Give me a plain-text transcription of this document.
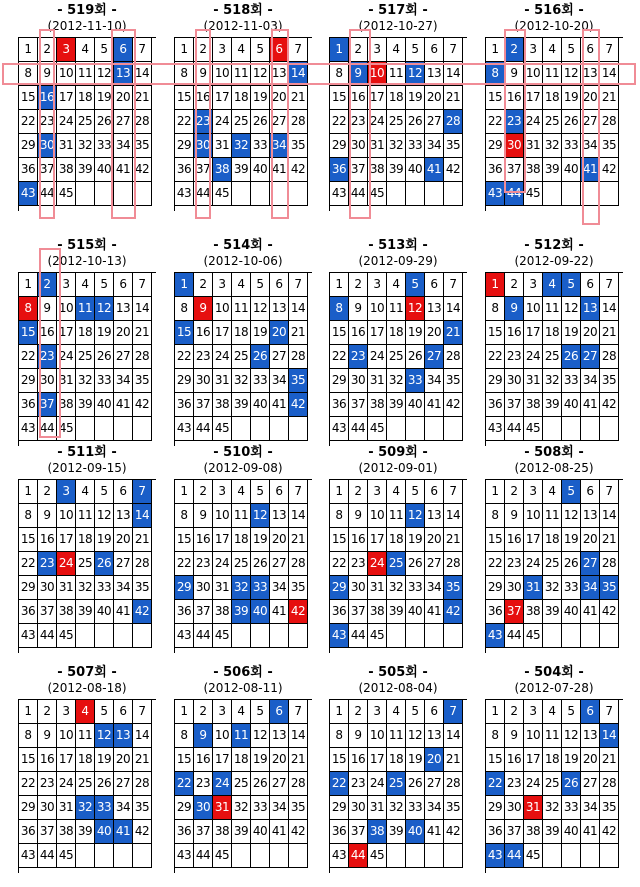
- 519회 -
(2012-11-10)
1 2 3 4 5 6 7
8 9 10 11 12 13 14
15 16 17 18 19 20 21
22 23 24 25 26 27 28
29 30 31 32 33 34 35
36 37 38 39 40 41 42
43 44 45
- 518회 -
(2012-11-03)
1 2 3 4 5 6 7
8 9 10 11 12 13 14
15 16 17 18 19 20 21
22 23 24 25 26 27 28
29 30 31 32 33 34 35
36 37 38 39 40 41 42
43 44 45
- 517회 -
(2012-10-27)
1 2 3 4 5 6 7
8 9 10 11 12 13 14
15 16 17 18 19 20 21
22 23 24 25 26 27 28
29 30 31 32 33 34 35
36 37 38 39 40 41 42
43 44 45
- 516회 -
(2012-10-20)
1 2 3 4 5 6 7
8 9 10 11 12 13 14
15 16 17 18 19 20 21
22 23 24 25 26 27 28
29 30 31 32 33 34 35
36 37 38 39 40 41 42
43 44 45
- 515회 -
(2012-10-13)
1 2 3 4 5 6 7
8 9 10 11 12 13 14
15 16 17 18 19 20 21
22 23 24 25 26 27 28
29 30 31 32 33 34 35
36 37 38 39 40 41 42
43 44 45
- 514회 -
(2012-10-06)
1 2 3 4 5 6 7
8 9 10 11 12 13 14
15 16 17 18 19 20 21
22 23 24 25 26 27 28
29 30 31 32 33 34 35
36 37 38 39 40 41 42
43 44 45
- 513회 -
(2012-09-29)
1 2 3 4 5 6 7
8 9 10 11 12 13 14
15 16 17 18 19 20 21
22 23 24 25 26 27 28
29 30 31 32 33 34 35
36 37 38 39 40 41 42
43 44 45
- 512회 -
(2012-09-22)
1 2 3 4 5 6 7
8 9 10 11 12 13 14
15 16 17 18 19 20 21
22 23 24 25 26 27 28
29 30 31 32 33 34 35
36 37 38 39 40 41 42
43 44 45
- 511회 -
(2012-09-15)
1 2 3 4 5 6 7
8 9 10 11 12 13 14
15 16 17 18 19 20 21
22 23 24 25 26 27 28
29 30 31 32 33 34 35
36 37 38 39 40 41 42
43 44 45
- 510회 -
(2012-09-08)
1 2 3 4 5 6 7
8 9 10 11 12 13 14
15 16 17 18 19 20 21
22 23 24 25 26 27 28
29 30 31 32 33 34 35
36 37 38 39 40 41 42
43 44 45
- 509회 -
(2012-09-01)
1 2 3 4 5 6 7
8 9 10 11 12 13 14
15 16 17 18 19 20 21
22 23 24 25 26 27 28
29 30 31 32 33 34 35
36 37 38 39 40 41 42
43 44 45
- 508회 -
(2012-08-25)
1 2 3 4 5 6 7
8 9 10 11 12 13 14
15 16 17 18 19 20 21
22 23 24 25 26 27 28
29 30 31 32 33 34 35
36 37 38 39 40 41 42
43 44 45
- 507회 -
(2012-08-18)
1 2 3 4 5 6 7
8 9 10 11 12 13 14
15 16 17 18 19 20 21
22 23 24 25 26 27 28
29 30 31 32 33 34 35
36 37 38 39 40 41 42
43 44 45
- 506회 -
(2012-08-11)
1 2 3 4 5 6 7
8 9 10 11 12 13 14
15 16 17 18 19 20 21
22 23 24 25 26 27 28
29 30 31 32 33 34 35
36 37 38 39 40 41 42
43 44 45
- 505회 -
(2012-08-04)
1 2 3 4 5 6 7
8 9 10 11 12 13 14
15 16 17 18 19 20 21
22 23 24 25 26 27 28
29 30 31 32 33 34 35
36 37 38 39 40 41 42
43 44 45
- 504회 -
(2012-07-28)
1 2 3 4 5 6 7
8 9 10 11 12 13 14
15 16 17 18 19 20 21
22 23 24 25 26 27 28
29 30 31 32 33 34 35
36 37 38 39 40 41 42
43 44 45
